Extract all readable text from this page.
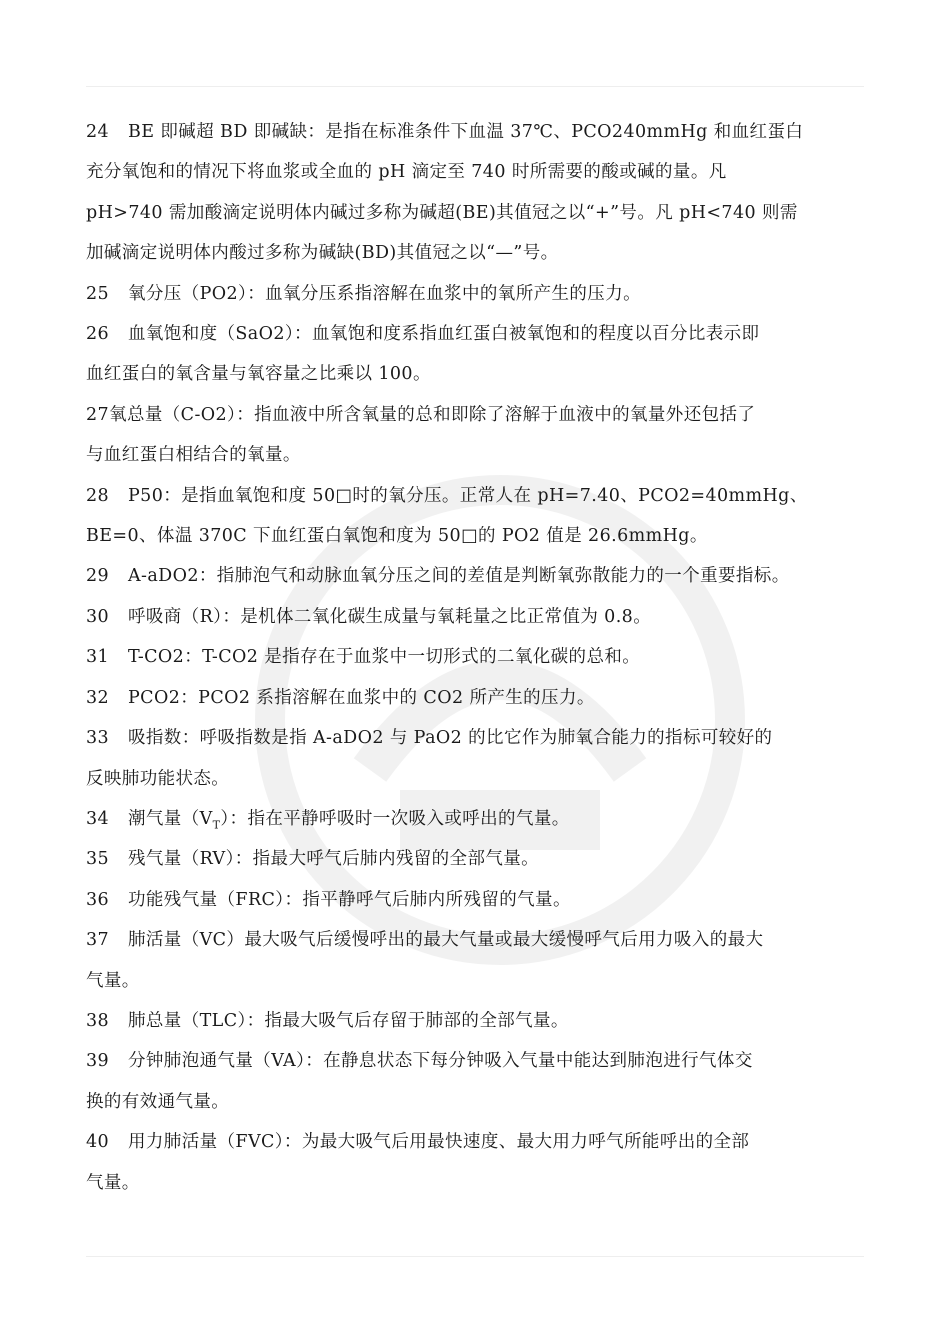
24 BE 即碱超 BD 即碱缺：是指在标准条件下血温 37℃、PCO240mmHg 和血红蛋白
充分氧饱和的情况下将血浆或全血的 pH 滴定至 740 时所需要的酸或碱的量。凡
pH>740 需加酸滴定说明体内碱过多称为碱超(BE)其值冠之以“+”号。凡 pH<740 则需
加碱滴定说明体内酸过多称为碱缺(BD)其值冠之以“—”号。

25 氧分压（PO2）：血氧分压系指溶解在血浆中的氧所产生的压力。

26 血氧饱和度（SaO2）：血氧饱和度系指血红蛋白被氧饱和的程度以百分比表示即
血红蛋白的氧含量与氧容量之比乘以 100。

27氧总量（C-O2）：指血液中所含氧量的总和即除了溶解于血液中的氧量外还包括了
与血红蛋白相结合的氧量。

28 P50：是指血氧饱和度 50□时的氧分压。正常人在 pH=7.40、PCO2=40mmHg、
BE=0、体温 370C 下血红蛋白氧饱和度为 50□的 PO2 值是 26.6mmHg。

29 A-aDO2：指肺泡气和动脉血氧分压之间的差值是判断氧弥散能力的一个重要指标。

30 呼吸商（R）：是机体二氧化碳生成量与氧耗量之比正常值为 0.8。

31 T-CO2：T-CO2 是指存在于血浆中一切形式的二氧化碳的总和。

32 PCO2：PCO2 系指溶解在血浆中的 CO2 所产生的压力。

33 吸指数：呼吸指数是指 A-aDO2 与 PaO2 的比它作为肺氧合能力的指标可较好的
反映肺功能状态。

34 潮气量$(V_T)$：指在平静呼吸时一次吸入或呼出的气量。

35 残气量（RV）：指最大呼气后肺内残留的全部气量。

36 功能残气量（FRC）：指平静呼气后肺内所残留的气量。

37 肺活量（VC）最大吸气后缓慢呼出的最大气量或最大缓慢呼气后用力吸入的最大
气量。

38 肺总量（TLC）：指最大吸气后存留于肺部的全部气量。

39 分钟肺泡通气量（VA）：在静息状态下每分钟吸入气量中能达到肺泡进行气体交
换的有效通气量。

40 用力肺活量（FVC）：为最大吸气后用最快速度、最大用力呼气所能呼出的全部
气量。
